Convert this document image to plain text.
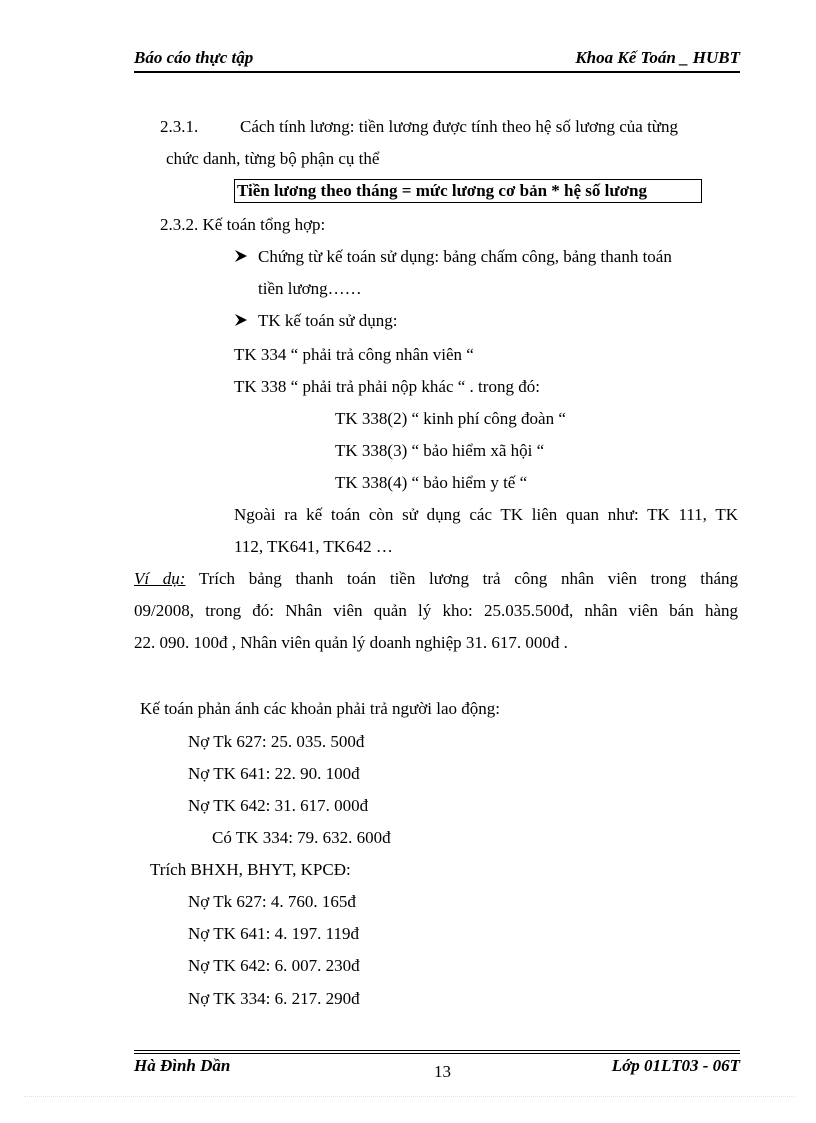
Báo cáo thực tập	Khoa Kế Toán _ HUBT
2.3.1. Cách tính lương: tiền lương được tính theo hệ số lương của từng
chức danh, từng bộ phận cụ thể
Tiền lương theo tháng = mức lương cơ bản * hệ số lương
2.3.2. Kế toán tổng hợp:
Chứng từ kế toán sử dụng: bảng chấm công, bảng thanh toán
tiền lương……
TK kế toán sử dụng:
TK 334 “ phải trả công nhân viên “
TK 338 “ phải trả phải nộp khác “ . trong đó:
TK 338(2) “ kinh phí công đoàn “
TK 338(3) “ bảo hiểm xã hội “
TK 338(4) “ bảo hiểm y tế “
Ngoài ra kế toán còn sử dụng các TK liên quan như: TK 111, TK
112, TK641, TK642 …
Ví dụ: Trích bảng thanh toán tiền lương trả công nhân viên trong tháng
09/2008, trong đó: Nhân viên quản lý kho: 25.035.500đ, nhân viên bán hàng
22. 090. 100đ , Nhân viên quản lý doanh nghiệp 31. 617. 000đ .
Kế toán phản ánh các khoản phải trả người lao động:
Nợ Tk 627: 25. 035. 500đ
Nợ TK 641: 22. 90. 100đ
Nợ TK 642: 31. 617. 000đ
Có TK 334: 79. 632. 600đ
Trích BHXH, BHYT, KPCĐ:
Nợ Tk 627: 4. 760. 165đ
Nợ TK 641: 4. 197. 119đ
Nợ TK 642: 6. 007. 230đ
Nợ TK 334: 6. 217. 290đ
Hà Đình Dần	13	Lớp 01LT03 - 06T
